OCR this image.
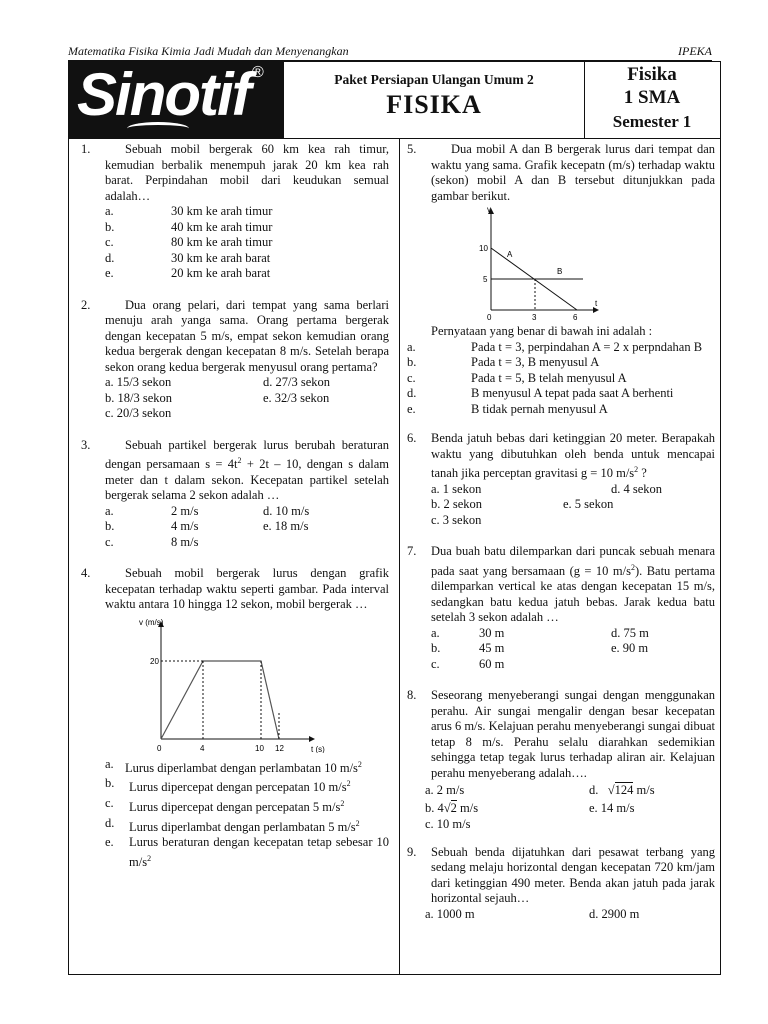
Matematika Fisika Kimia Jadi Mudah dan Menyenangkan	IPEKA
Sinotif ®	Paket Persiapan Ulangan Umum 2
FISIKA
Fisika
1 SMA
Semester 1
1.	Sebuah mobil bergerak 60 km kea rah timur, kemudian berbalik menempuh jarak 20 km kea rah barat. Perpindahan mobil dari keudukan semual adalah…
a.	30 km ke arah timur
b.	40 km ke arah timur
c.	80 km ke arah timur
d.	30 km ke arah barat
e.	20 km ke arah barat
2.	Dua orang pelari, dari tempat yang sama berlari menuju arah yanga sama. Orang pertama bergerak dengan kecepatan 5 m/s, empat sekon kemudian orang kedua bergerak dengan kecepatan 8 m/s. Setelah berapa sekon orang kedua bergerak menyusul orang pertama?
a. 15/3 sekon	d. 27/3 sekon
b. 18/3 sekon	e. 32/3 sekon
c. 20/3 sekon
3.	Sebuah partikel bergerak lurus berubah beraturan dengan persamaan $s = 4t^2 + 2t - 10$, dengan s dalam meter dan t dalam sekon. Kecepatan partikel setelah bergerak selama 2 sekon adalah …
a.	2 m/s	d. 10 m/s
b.	4 m/s	e. 18 m/s
c.	8 m/s
4.	Sebuah mobil bergerak lurus dengan grafik kecepatan terhadap waktu seperti gambar. Pada interval waktu antara 10 hingga 12 sekon, mobil bergerak …
v (m/s)
t (s)
20
0	4	10 12
a. Lurus diperlambat dengan perlambatan 10 $m/s^2$
b. Lurus dipercepat dengan percepatan 10 $m/s^2$
c. Lurus dipercepat dengan percepatan 5 $m/s^2$
d. Lurus diperlambat dengan perlambatan 5 $m/s^2$
e. Lurus beraturan dengan kecepatan tetap sebesar 10 $m/s^2$
5.	Dua mobil A dan B bergerak lurus dari tempat dan waktu yang sama. Grafik kecepatn (m/s) terhadap waktu (sekon) mobil A dan B tersebut ditunjukkan pada gambar berikut.
v
t
10
5
0	3	6
A
B
Pernyataan yang benar di bawah ini adalah :
a.	Pada t = 3, perpindahan A = 2 x perpndahan B
b.	Pada t = 3, B menyusul A
c.	Pada t = 5, B telah menyusul A
d.	B menyusul A tepat pada saat A berhenti
e.	B tidak pernah menyusul A
6. Benda jatuh bebas dari ketinggian 20 meter. Berapakah waktu yang dibutuhkan oleh benda untuk mencapai tanah jika perceptan gravitasi g = 10 $m/s^2$ ?
a. 1 sekon	d. 4 sekon
b. 2 sekon	e. 5 sekon
c. 3 sekon
7. Dua buah batu dilemparkan dari puncak sebuah menara pada saat yang bersamaan (g = 10 $m/s^2$). Batu pertama dilemparkan vertical ke atas dengan kecepatan 15 m/s, sedangkan batu kedua jatuh bebas. Jarak kedua batu setelah 3 sekon adalah …
a.	30 m	d. 75 m
b.	45 m	e. 90 m
c.	60 m
8. Seseorang menyeberangi sungai dengan menggunakan perahu. Air sungai mengalir dengan besar kecepatan arus 6 m/s. Kelajuan perahu menyeberangi sungai dibuat tetap 8 m/s. Perahu selalu diarahkan sedemikian sehingga tetap tegak lurus terhadap aliran air. Kelajuan perahu menyeberang adalah….
a. 2 m/s	d.   √124 m/s
b. 4√2 m/s	e. 14 m/s
c. 10 m/s
9. Sebuah benda dijatuhkan dari pesawat terbang yang sedang melaju horizontal dengan kecepatan 720 km/jam dari ketinggian 490 meter. Benda akan jatuh pada jarak horizontal sejauh…
a. 1000 m	d. 2900 m
